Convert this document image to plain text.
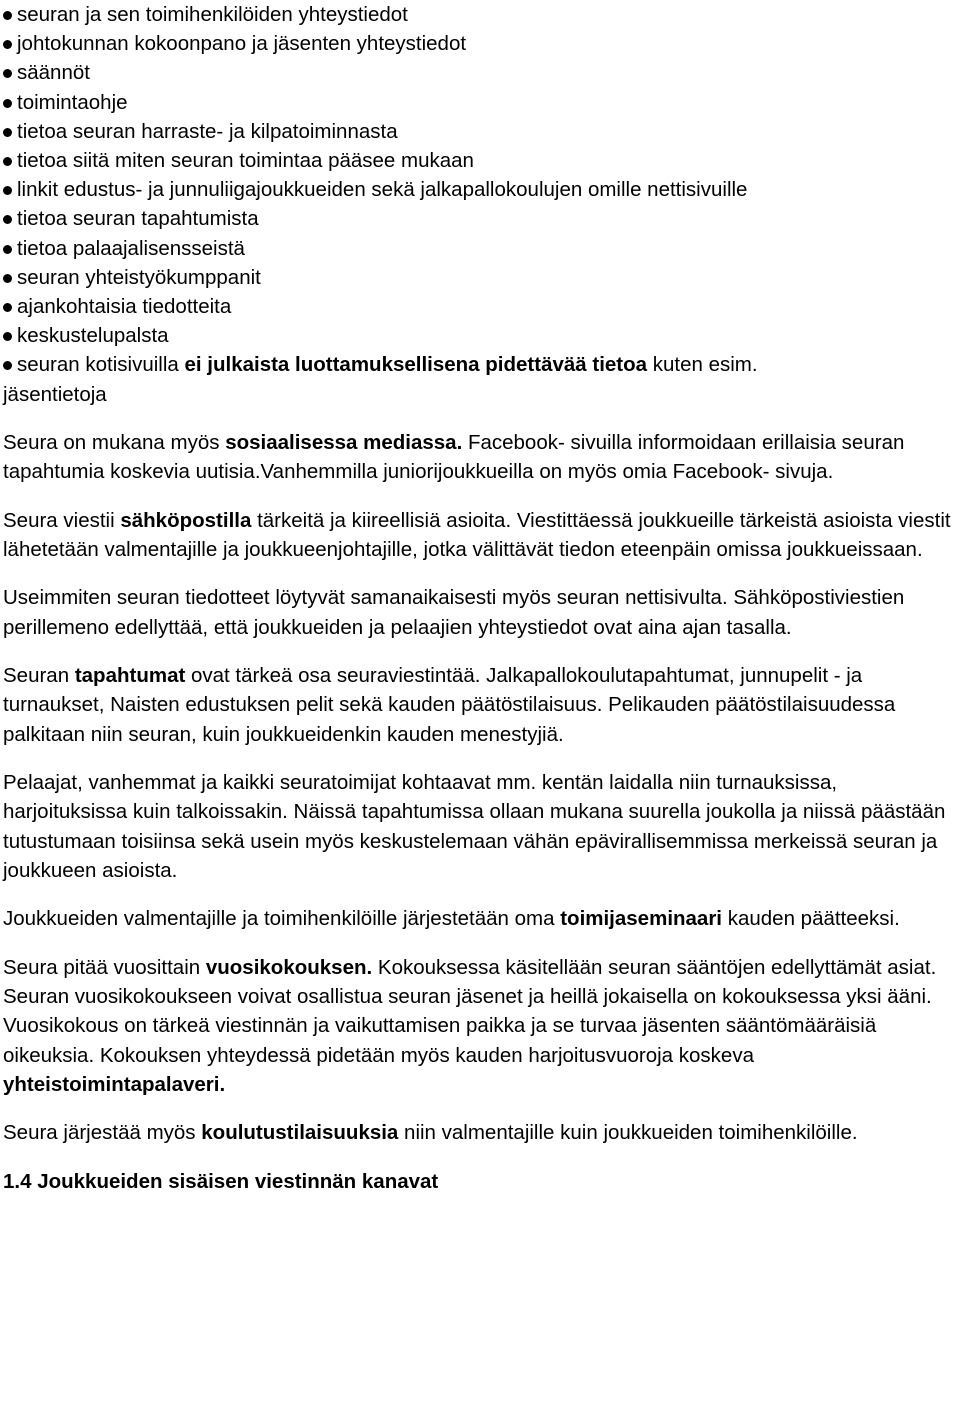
seuran ja sen toimihenkilöiden yhteystiedot
johtokunnan kokoonpano ja jäsenten yhteystiedot
säännöt
toimintaohje
tietoa seuran harraste- ja kilpatoiminnasta
tietoa siitä miten seuran toimintaa pääsee mukaan
linkit edustus- ja junnuliigajoukkueiden sekä jalkapallokoulujen omille nettisivuille
tietoa seuran tapahtumista
tietoa palaajalisensseistä
seuran yhteistyökumppanit
ajankohtaisia tiedotteita
keskustelupalsta
seuran kotisivuilla ei julkaista luottamuksellisena pidettävää tietoa kuten esim.
jäsentietoja

Seura on mukana myös sosiaalisessa mediassa. Facebook- sivuilla informoidaan erillaisia seuran tapahtumia koskevia uutisia.Vanhemmilla juniorijoukkueilla on myös omia Facebook- sivuja.

Seura viestii sähköpostilla tärkeitä ja kiireellisiä asioita. Viestittäessä joukkueille tärkeistä asioista viestit lähetetään valmentajille ja joukkueenjohtajille, jotka välittävät tiedon eteenpäin omissa joukkueissaan.

Useimmiten seuran tiedotteet löytyvät samanaikaisesti myös seuran nettisivulta. Sähköpostiviestien perillemeno edellyttää, että joukkueiden ja pelaajien yhteystiedot ovat aina ajan tasalla.

Seuran tapahtumat ovat tärkeä osa seuraviestintää. Jalkapallokoulutapahtumat, junnupelit - ja turnaukset, Naisten edustuksen pelit sekä kauden päätöstilaisuus. Pelikauden päätöstilaisuudessa palkitaan niin seuran, kuin joukkueidenkin kauden menestyjiä.

Pelaajat, vanhemmat ja kaikki seuratoimijat kohtaavat mm. kentän laidalla niin turnauksissa, harjoituksissa kuin talkoissakin. Näissä tapahtumissa ollaan mukana suurella joukolla ja niissä päästään tutustumaan toisiinsa sekä usein myös keskustelemaan vähän epävirallisemmissa merkeissä seuran ja joukkueen asioista.

Joukkueiden valmentajille ja toimihenkilöille järjestetään oma toimijaseminaari kauden päätteeksi.

Seura pitää vuosittain vuosikokouksen. Kokouksessa käsitellään seuran sääntöjen edellyttämät asiat. Seuran vuosikokoukseen voivat osallistua seuran jäsenet ja heillä jokaisella on kokouksessa yksi ääni. Vuosikokous on tärkeä viestinnän ja vaikuttamisen paikka ja se turvaa jäsenten sääntömääräisiä oikeuksia. Kokouksen yhteydessä pidetään myös kauden harjoitusvuoroja koskeva yhteistoimintapalaveri.

Seura järjestää myös koulutustilaisuuksia niin valmentajille kuin joukkueiden toimihenkilöille.

1.4 Joukkueiden sisäisen viestinnän kanavat
